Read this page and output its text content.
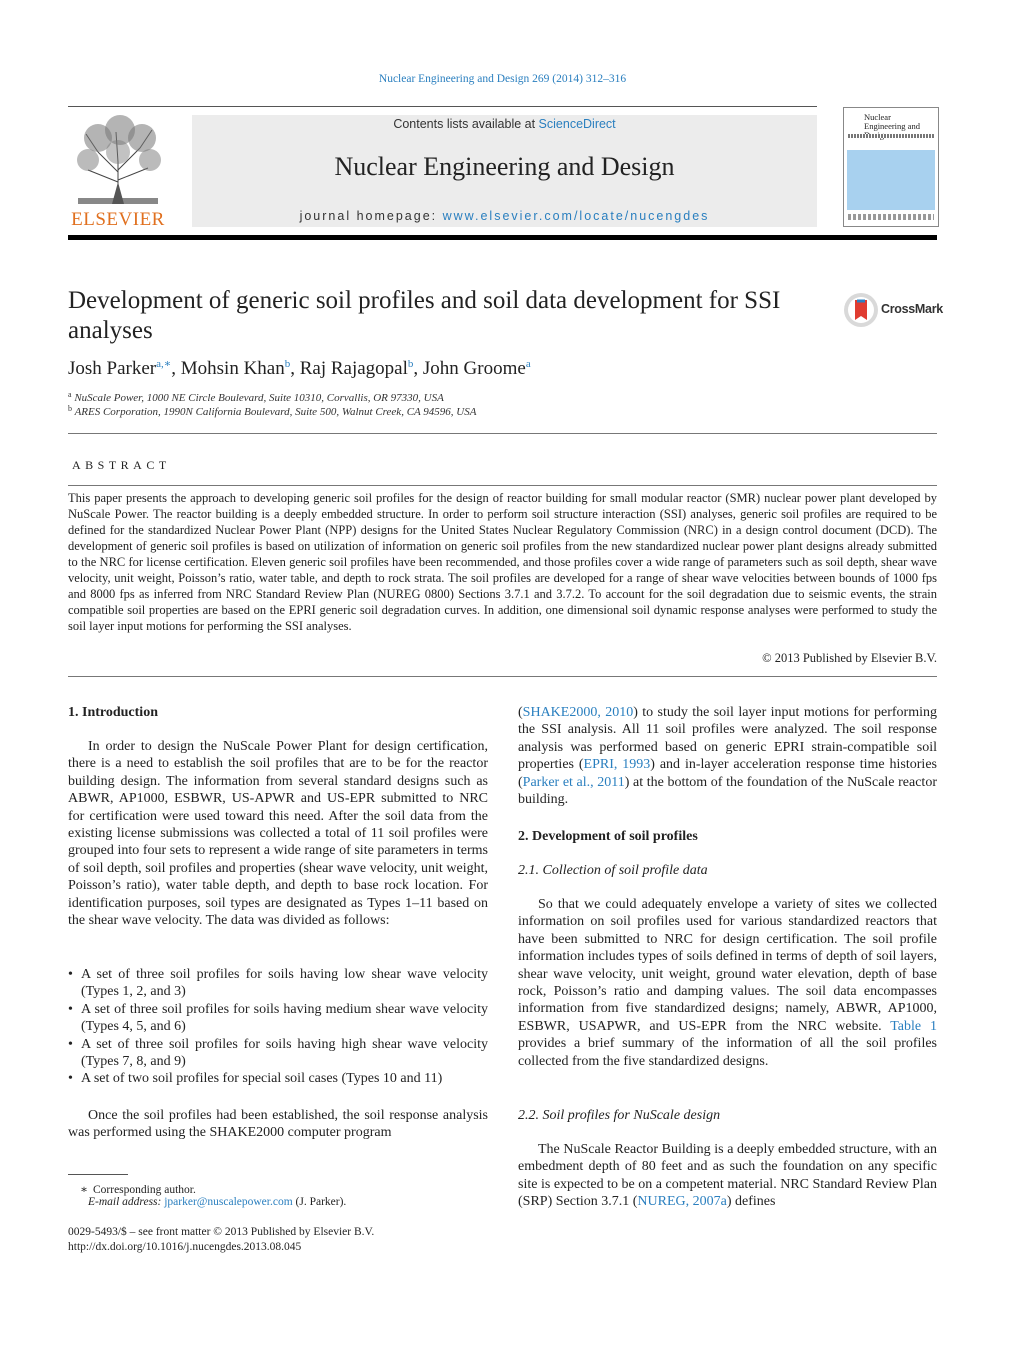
Nuclear Engineering and Design 269 (2014) 312–316
ELSEVIER
Contents lists available at ScienceDirect
Nuclear Engineering and Design
journal homepage: www.elsevier.com/locate/nucengdes
Nuclear Engineering and
Development of generic soil profiles and soil data development for SSI analyses
CrossMark
Josh Parker$^{a,∗}$, Mohsin Khan$^b$, Raj Rajagopal$^b$, John Groome$^a$
$^a$ NuScale Power, 1000 NE Circle Boulevard, Suite 10310, Corvallis, OR 97330, USA
$^b$ ARES Corporation, 1990N California Boulevard, Suite 500, Walnut Creek, CA 94596, USA
ABSTRACT
This paper presents the approach to developing generic soil profiles for the design of reactor building for small modular reactor (SMR) nuclear power plant developed by NuScale Power. The reactor building is a deeply embedded structure. In order to perform soil structure interaction (SSI) analyses, generic soil profiles are required to be defined for the standardized Nuclear Power Plant (NPP) designs for the United States Nuclear Regulatory Commission (NRC) in a design control document (DCD). The development of generic soil profiles is based on utilization of information on generic soil profiles from the new standardized nuclear power plant designs already submitted to the NRC for license certification. Eleven generic soil profiles have been recommended, and those profiles cover a wide range of parameters such as soil depth, shear wave velocity, unit weight, Poisson’s ratio, water table, and depth to rock strata. The soil profiles are developed for a range of shear wave velocities between bounds of 1000 fps and 8000 fps as inferred from NRC Standard Review Plan (NUREG 0800) Sections 3.7.1 and 3.7.2. To account for the soil degradation due to seismic events, the strain compatible soil properties are based on the EPRI generic soil degradation curves. In addition, one dimensional soil dynamic response analyses were performed to study the soil layer input motions for performing the SSI analyses.
© 2013 Published by Elsevier B.V.
1. Introduction

In order to design the NuScale Power Plant for design certification, there is a need to establish the soil profiles that are to be for the reactor building design. The information from several standard designs such as ABWR, AP1000, ESBWR, US-APWR and US-EPR submitted to NRC for certification were used toward this need. After the soil data from the existing license submissions was collected a total of 11 soil profiles were grouped into four sets to represent a wide range of site parameters in terms of soil depth, soil profiles and properties (shear wave velocity, unit weight, Poisson’s ratio), water table depth, and depth to base rock location. For identification purposes, soil types are designated as Types 1–11 based on the shear wave velocity. The data was divided as follows:

• A set of three soil profiles for soils having low shear wave velocity (Types 1, 2, and 3)
• A set of three soil profiles for soils having medium shear wave velocity (Types 4, 5, and 6)
• A set of three soil profiles for soils having high shear wave velocity (Types 7, 8, and 9)
• A set of two soil profiles for special soil cases (Types 10 and 11)

Once the soil profiles had been established, the soil response analysis was performed using the SHAKE2000 computer program

(SHAKE2000, 2010) to study the soil layer input motions for performing the SSI analysis. All 11 soil profiles were analyzed. The soil response analysis was performed based on generic EPRI strain-compatible soil properties (EPRI, 1993) and in-layer acceleration response time histories (Parker et al., 2011) at the bottom of the foundation of the NuScale reactor building.

2. Development of soil profiles
2.1. Collection of soil profile data

So that we could adequately envelope a variety of sites we collected information on soil profiles used for various standardized reactors that have been submitted to NRC for design certification. The soil profile information includes types of soils defined in terms of depth of soil layers, shear wave velocity, unit weight, ground water elevation, depth of base rock, Poisson’s ratio and damping values. The soil data encompasses information from five standardized designs; namely, ABWR, AP1000, ESBWR, USAPWR, and US-EPR from the NRC website. Table 1 provides a brief summary of the information of all the soil profiles collected from the five standardized designs.

2.2. Soil profiles for NuScale design

The NuScale Reactor Building is a deeply embedded structure, with an embedment depth of 80 feet and as such the foundation on any specific site is expected to be on a competent material. NRC Standard Review Plan (SRP) Section 3.7.1 (NUREG, 2007a) defines

∗ Corresponding author.
E-mail address: jparker@nuscalepower.com (J. Parker).
0029-5493/$ – see front matter © 2013 Published by Elsevier B.V.
http://dx.doi.org/10.1016/j.nucengdes.2013.08.045
